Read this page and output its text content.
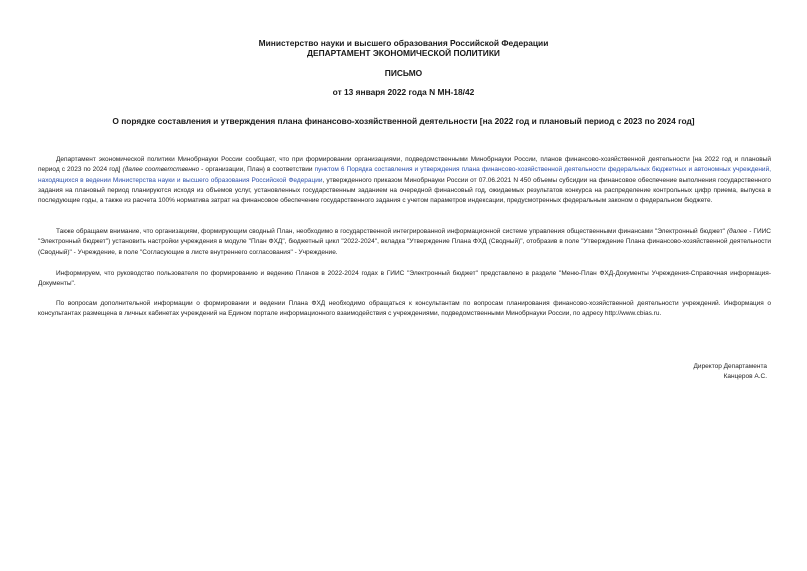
Министерство науки и высшего образования Российской Федерации
ДЕПАРТАМЕНТ ЭКОНОМИЧЕСКОЙ ПОЛИТИКИ
ПИСЬМО
от 13 января 2022 года N МН-18/42
О порядке составления и утверждения плана финансово-хозяйственной деятельности [на 2022 год и плановый период с 2023 по 2024 год]
Департамент экономической политики Минобрнауки России сообщает, что при формировании организациями, подведомственными Минобрнауки России, планов финансово-хозяйственной деятельности [на 2022 год и плановый период с 2023 по 2024 год] (далее соответственно - организации, План) в соответствии пунктом 6 Порядка составления и утверждения плана финансово-хозяйственной деятельности федеральных бюджетных и автономных учреждений, находящихся в ведении Министерства науки и высшего образования Российской Федерации, утвержденного приказом Минобрнауки России от 07.06.2021 N 450 объемы субсидии на финансовое обеспечение выполнения государственного задания на плановый период планируются исходя из объемов услуг, установленных государственным заданием на очередной финансовый год, ожидаемых результатов конкурса на распределение контрольных цифр приема, выпуска в последующие годы, а также из расчета 100% норматива затрат на финансовое обеспечение государственного задания с учетом параметров индексации, предусмотренных федеральным законом о федеральном бюджете.
Также обращаем внимание, что организациям, формирующим сводный План, необходимо в государственной интегрированной информационной системе управления общественными финансами "Электронный бюджет" (далее - ГИИС "Электронный бюджет") установить настройки учреждения в модуле "План ФХД", бюджетный цикл "2022-2024", вкладка "Утверждение Плана ФХД (Сводный)", отобразив в поле "Утверждение Плана финансово-хозяйственной деятельности (Сводный)" - Учреждение, в поле "Согласующие в листе внутреннего согласования" - Учреждение.
Информируем, что руководство пользователя по формированию и ведению Планов в 2022-2024 годах в ГИИС "Электронный бюджет" представлено в разделе "Меню-План ФХД-Документы Учреждения-Справочная информация-Документы".
По вопросам дополнительной информации о формировании и ведении Плана ФХД необходимо обращаться к консультантам по вопросам планирования финансово-хозяйственной деятельности учреждений. Информация о консультантах размещена в личных кабинетах учреждений на Едином портале информационного взаимодействия с учреждениями, подведомственными Минобрнауки России, по адресу http://www.cbias.ru.
Директор Департамента
Канцеров А.С.
